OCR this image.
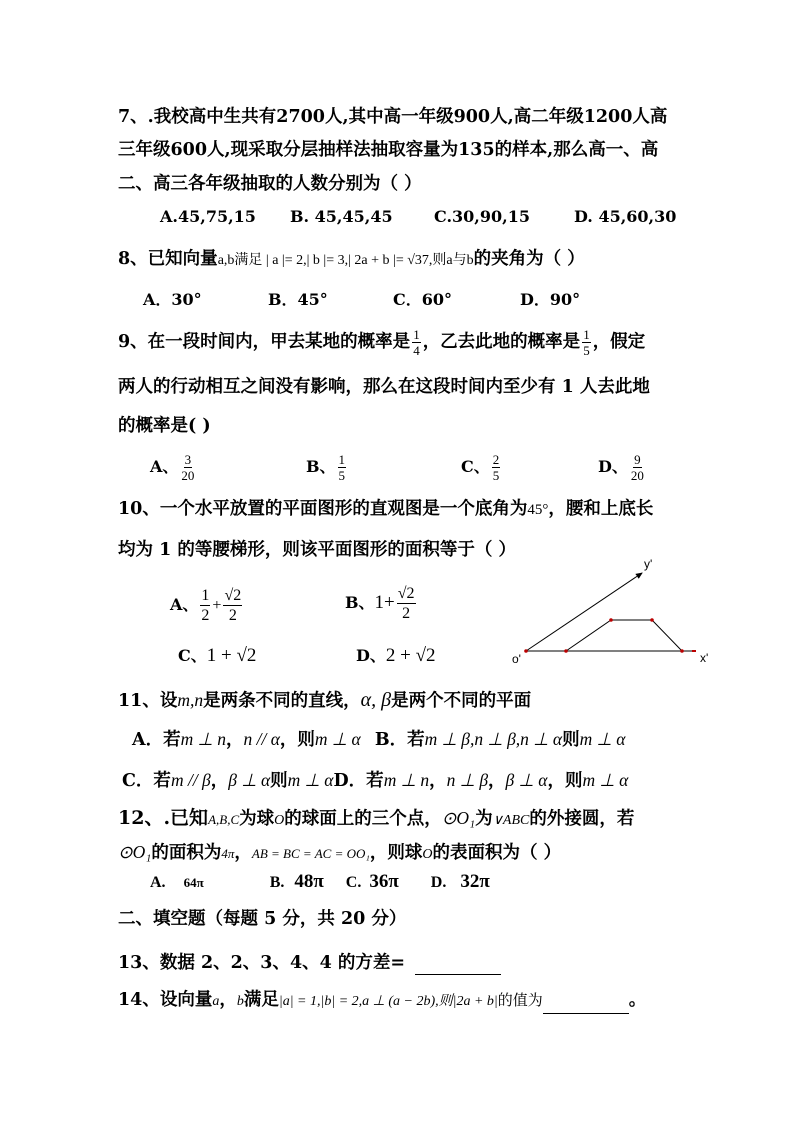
7、.我校高中生共有2700人,其中高一年级900人,高二年级1200人高
三年级600人,现采取分层抽样法抽取容量为135的样本,那么高一、高
二、高三各年级抽取的人数分别为（ ）
A.45,75,15 B. 45,45,45	C.30,90,15	D. 45,60,30
8、已知向量a,b满足 | a |= 2,| b |= 3,| 2a + b |= √37,则a与b的夹角为（ ）
A．30°	B．45°	C．60°	D．90°
9、在一段时间内，甲去某地的概率是 $\frac{1}{4}$ ，乙去此地的概率是 $\frac{1}{5}$ ，假定
两人的行动相互之间没有影响，那么在这段时间内至少有 1 人去此地
的概率是( )
A、 $\frac{3}{20}$	B、 $\frac{1}{5}$	C、 $\frac{2}{5}$	D、 $\frac{9}{20}$
10、一个水平放置的平面图形的直观图是一个底角为45°，腰和上底长
均为 1 的等腰梯形，则该平面图形的面积等于（ ）
A、 $\frac{1}{2} + \frac{√2}{2}$	B、$1+ \frac{√2}{2}$
C、1 + √2	D、2 + √2
y'
x'
o'
11、设m,n是两条不同的直线，α, β是两个不同的平面
A．若m ⊥ n，n // α，则m ⊥ α B．若m ⊥ β,n ⊥ β,n ⊥ α则m ⊥ α
C．若m // β，β ⊥ α则m ⊥ αD．若m ⊥ n，n ⊥ β，β ⊥ α，则m ⊥ α
12、.已知A,B,C为球O的球面上的三个点，⊙O₁为∨ABC的外接圆，若
⊙O₁的面积为4π，AB = BC = AC = OO₁，则球O的表面积为（ ）
A. 64π	B. 48π C. 36π D. 32π
二、填空题（每题 5 分，共 20 分）
13、数据 2、2、3、4、4 的方差=
14、设向量a，b满足|a| = 1,|b| = 2,a ⊥ (a − 2b),则|2a + b|的值为	。
